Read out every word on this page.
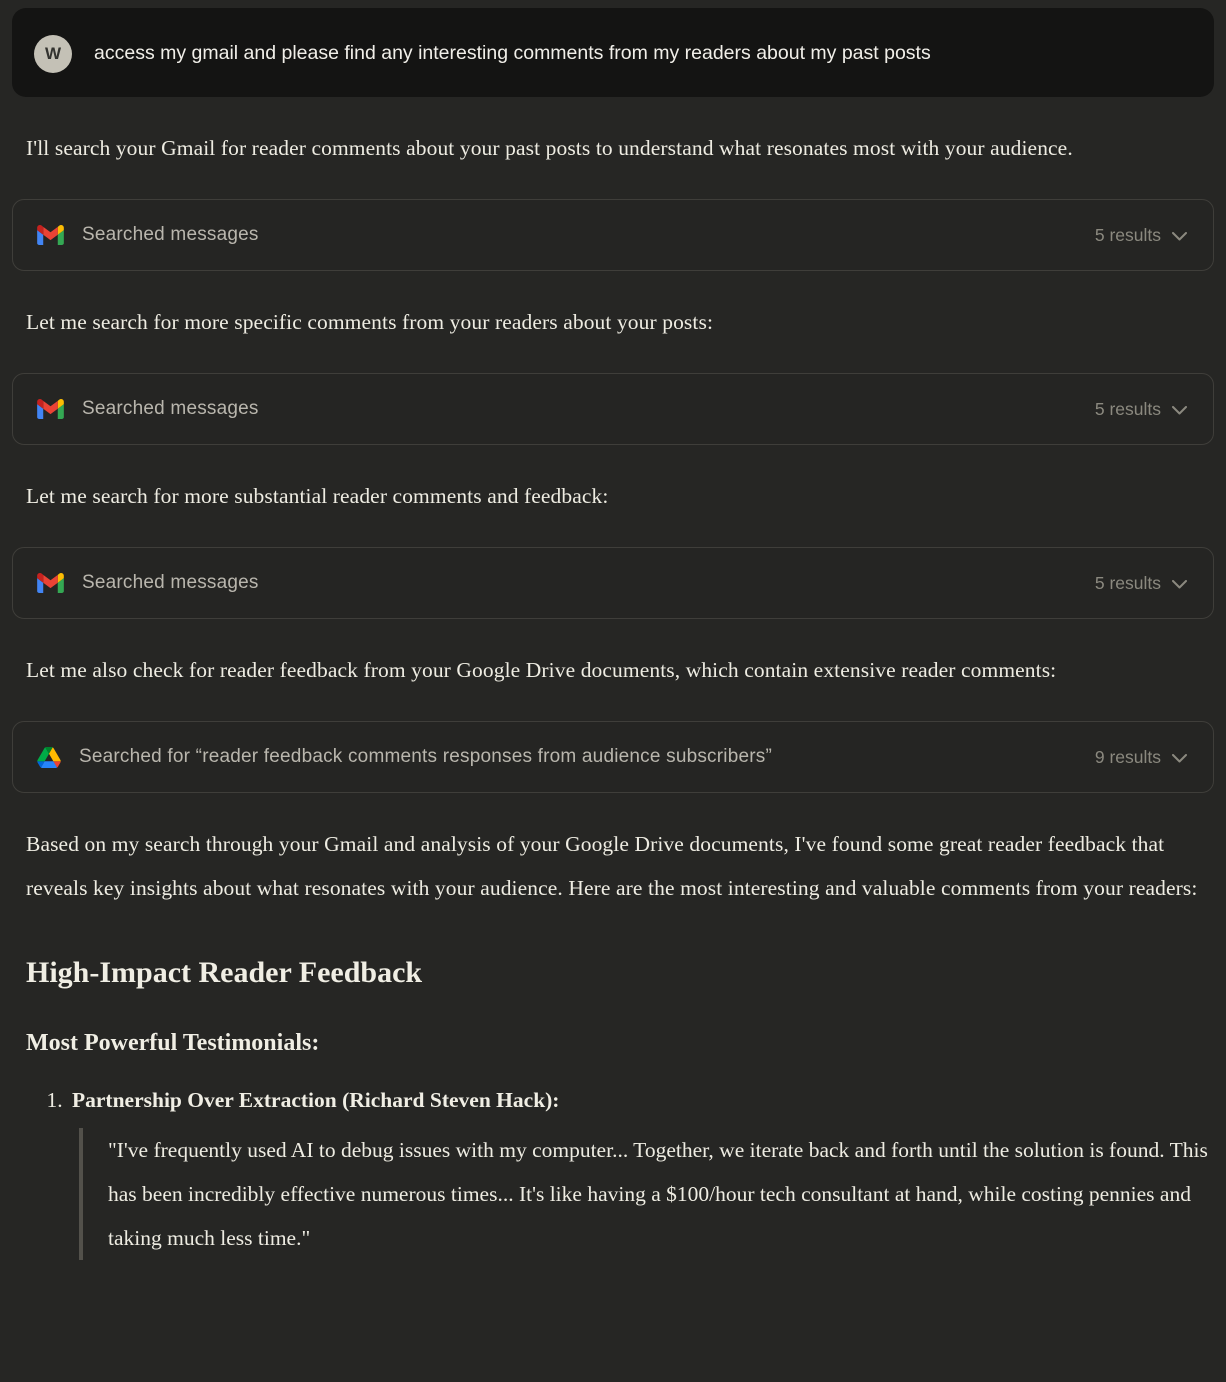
W access my gmail and please find any interesting comments from my readers about my past posts

I'll search your Gmail for reader comments about your past posts to understand what resonates most with your audience.

Searched messages	5 results

Let me search for more specific comments from your readers about your posts:

Searched messages	5 results

Let me search for more substantial reader comments and feedback:

Searched messages	5 results

Let me also check for reader feedback from your Google Drive documents, which contain extensive reader comments:

Searched for “reader feedback comments responses from audience subscribers”	9 results

Based on my search through your Gmail and analysis of your Google Drive documents, I've found some great reader feedback that reveals key insights about what resonates with your audience. Here are the most interesting and valuable comments from your readers:

High-Impact Reader Feedback
Most Powerful Testimonials:
1. Partnership Over Extraction (Richard Steven Hack):
"I've frequently used AI to debug issues with my computer... Together, we iterate back and forth until the solution is found. This has been incredibly effective numerous times... It's like having a $100/hour tech consultant at hand, while costing pennies and taking much less time."
